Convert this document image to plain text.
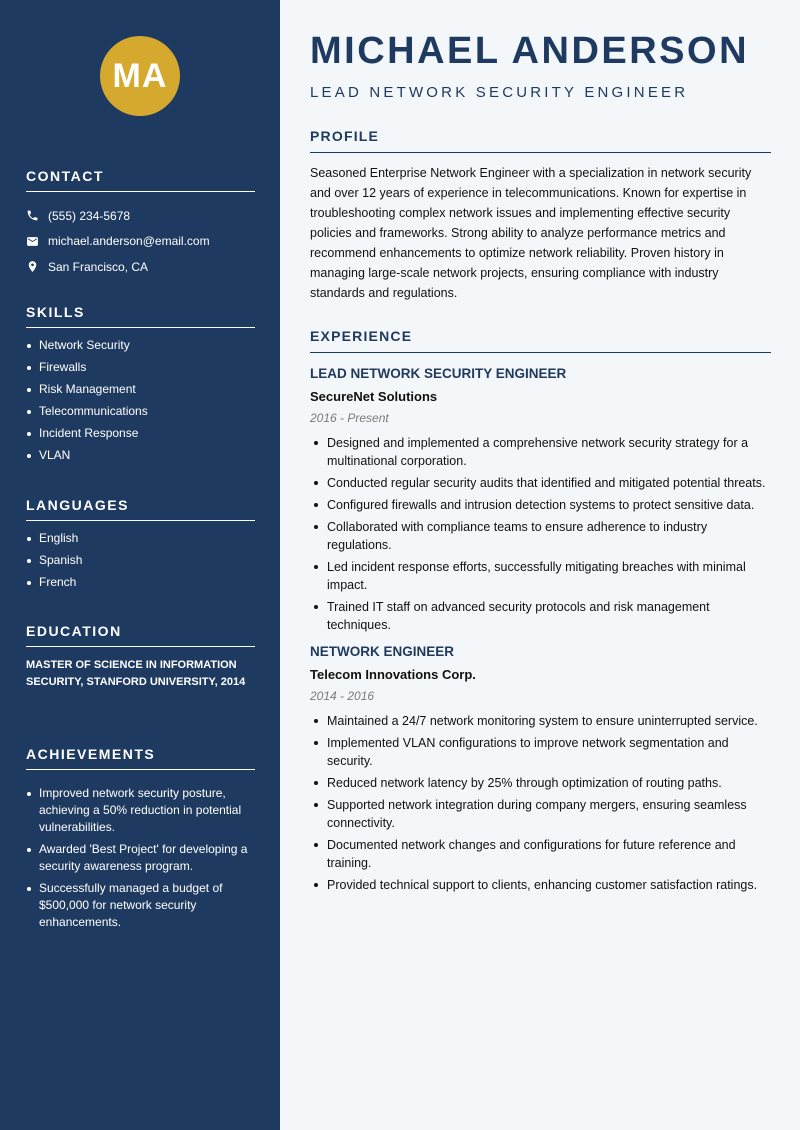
MA
CONTACT
(555) 234-5678
michael.anderson@email.com
San Francisco, CA
SKILLS
Network Security
Firewalls
Risk Management
Telecommunications
Incident Response
VLAN
LANGUAGES
English
Spanish
French
EDUCATION
MASTER OF SCIENCE IN INFORMATION SECURITY, STANFORD UNIVERSITY, 2014
ACHIEVEMENTS
Improved network security posture, achieving a 50% reduction in potential vulnerabilities.
Awarded 'Best Project' for developing a security awareness program.
Successfully managed a budget of $500,000 for network security enhancements.
MICHAEL ANDERSON
LEAD NETWORK SECURITY ENGINEER
PROFILE
Seasoned Enterprise Network Engineer with a specialization in network security and over 12 years of experience in telecommunications. Known for expertise in troubleshooting complex network issues and implementing effective security policies and frameworks. Strong ability to analyze performance metrics and recommend enhancements to optimize network reliability. Proven history in managing large-scale network projects, ensuring compliance with industry standards and regulations.
EXPERIENCE
LEAD NETWORK SECURITY ENGINEER
SecureNet Solutions
2016 - Present
Designed and implemented a comprehensive network security strategy for a multinational corporation.
Conducted regular security audits that identified and mitigated potential threats.
Configured firewalls and intrusion detection systems to protect sensitive data.
Collaborated with compliance teams to ensure adherence to industry regulations.
Led incident response efforts, successfully mitigating breaches with minimal impact.
Trained IT staff on advanced security protocols and risk management techniques.
NETWORK ENGINEER
Telecom Innovations Corp.
2014 - 2016
Maintained a 24/7 network monitoring system to ensure uninterrupted service.
Implemented VLAN configurations to improve network segmentation and security.
Reduced network latency by 25% through optimization of routing paths.
Supported network integration during company mergers, ensuring seamless connectivity.
Documented network changes and configurations for future reference and training.
Provided technical support to clients, enhancing customer satisfaction ratings.
